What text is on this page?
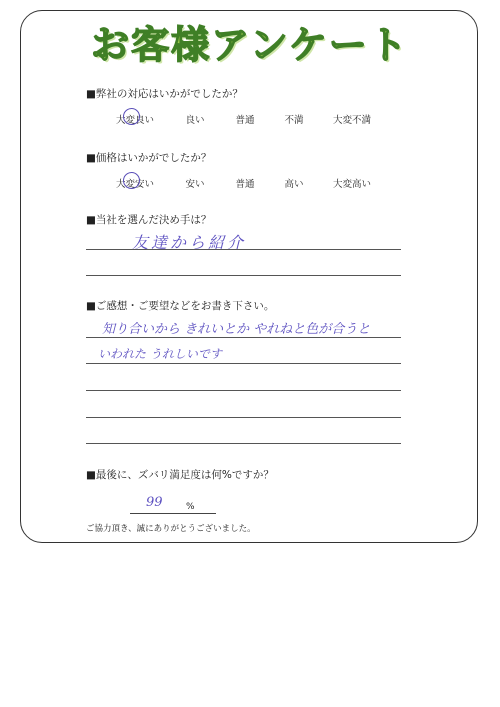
お客様アンケート
■弊社の対応はいかがでしたか？
大変良い	良い	普通	不満	大変不満
■価格はいかがでしたか？
大変安い	安い	普通	高い	大変高い
■当社を選んだ決め手は？
友達から紹介
■ご感想・ご要望などをお書き下さい。
知り合いから きれいとか やれねと色が合うと
いわれた うれしいです
■最後に、ズバリ満足度は何%ですか？
99	%
ご協力頂き、誠にありがとうございました。
